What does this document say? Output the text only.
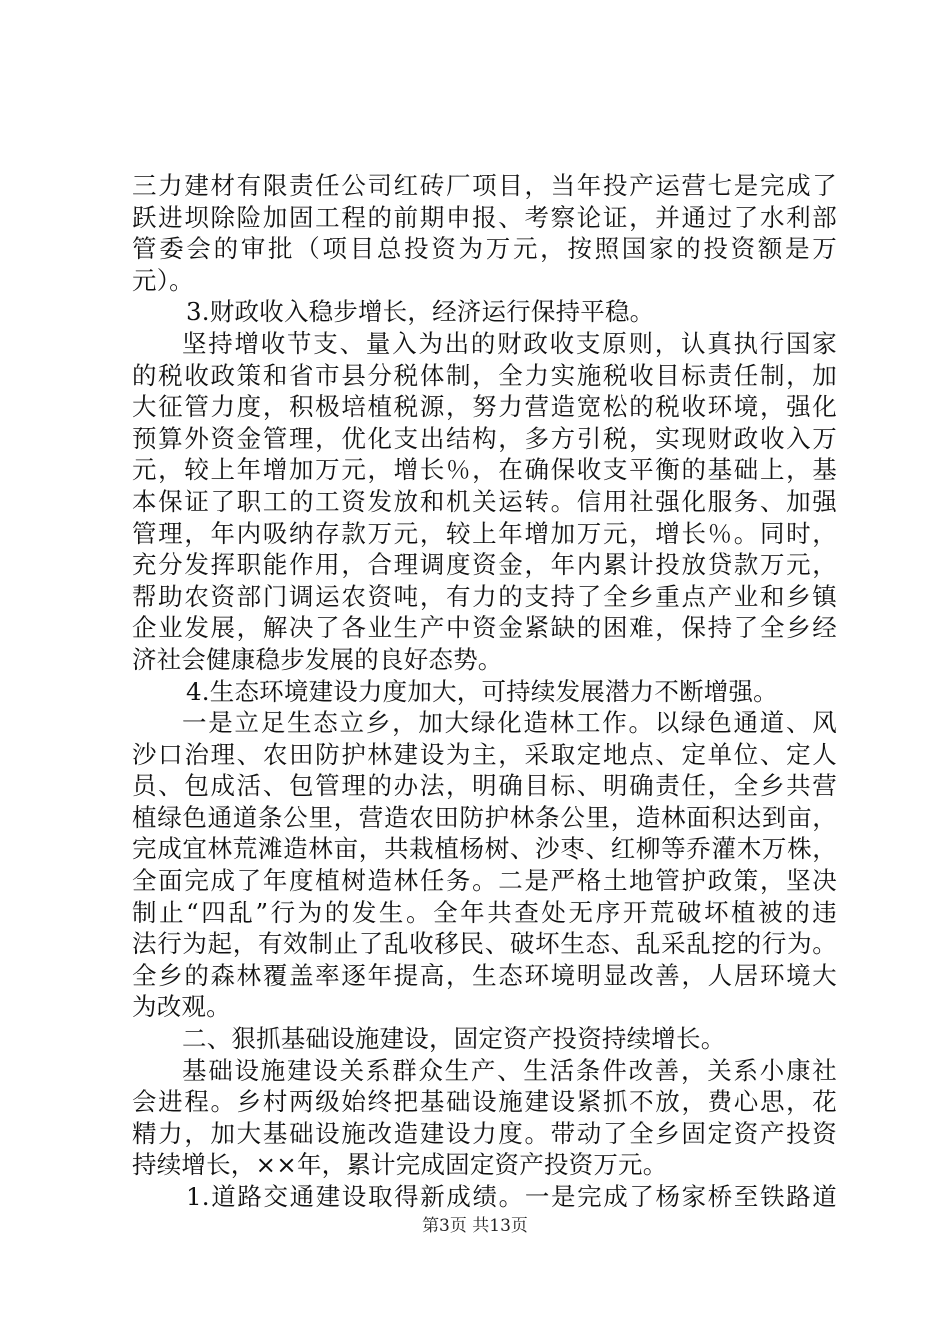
三力建材有限责任公司红砖厂项目，当年投产运营七是完成了
跃进坝除险加固工程的前期申报、考察论证，并通过了水利部
管委会的审批（项目总投资为万元，按照国家的投资额是万
元）。
3.财政收入稳步增长，经济运行保持平稳。
坚持增收节支、量入为出的财政收支原则，认真执行国家
的税收政策和省市县分税体制，全力实施税收目标责任制，加
大征管力度，积极培植税源，努力营造宽松的税收环境，强化
预算外资金管理，优化支出结构，多方引税，实现财政收入万
元，较上年增加万元，增长％，在确保收支平衡的基础上，基
本保证了职工的工资发放和机关运转。信用社强化服务、加强
管理，年内吸纳存款万元，较上年增加万元，增长％。同时，
充分发挥职能作用，合理调度资金，年内累计投放贷款万元，
帮助农资部门调运农资吨，有力的支持了全乡重点产业和乡镇
企业发展，解决了各业生产中资金紧缺的困难，保持了全乡经
济社会健康稳步发展的良好态势。
4.生态环境建设力度加大，可持续发展潜力不断增强。
一是立足生态立乡，加大绿化造林工作。以绿色通道、风
沙口治理、农田防护林建设为主，采取定地点、定单位、定人
员、包成活、包管理的办法，明确目标、明确责任，全乡共营
植绿色通道条公里，营造农田防护林条公里，造林面积达到亩，
完成宜林荒滩造林亩，共栽植杨树、沙枣、红柳等乔灌木万株，
全面完成了年度植树造林任务。二是严格土地管护政策，坚决
制止“四乱”行为的发生。全年共查处无序开荒破坏植被的违
法行为起，有效制止了乱收移民、破坏生态、乱采乱挖的行为。
全乡的森林覆盖率逐年提高，生态环境明显改善，人居环境大
为改观。
二、狠抓基础设施建设，固定资产投资持续增长。
基础设施建设关系群众生产、生活条件改善，关系小康社
会进程。乡村两级始终把基础设施建设紧抓不放，费心思，花
精力，加大基础设施改造建设力度。带动了全乡固定资产投资
持续增长，××年，累计完成固定资产投资万元。
1.道路交通建设取得新成绩。一是完成了杨家桥至铁路道
第3页 共13页
